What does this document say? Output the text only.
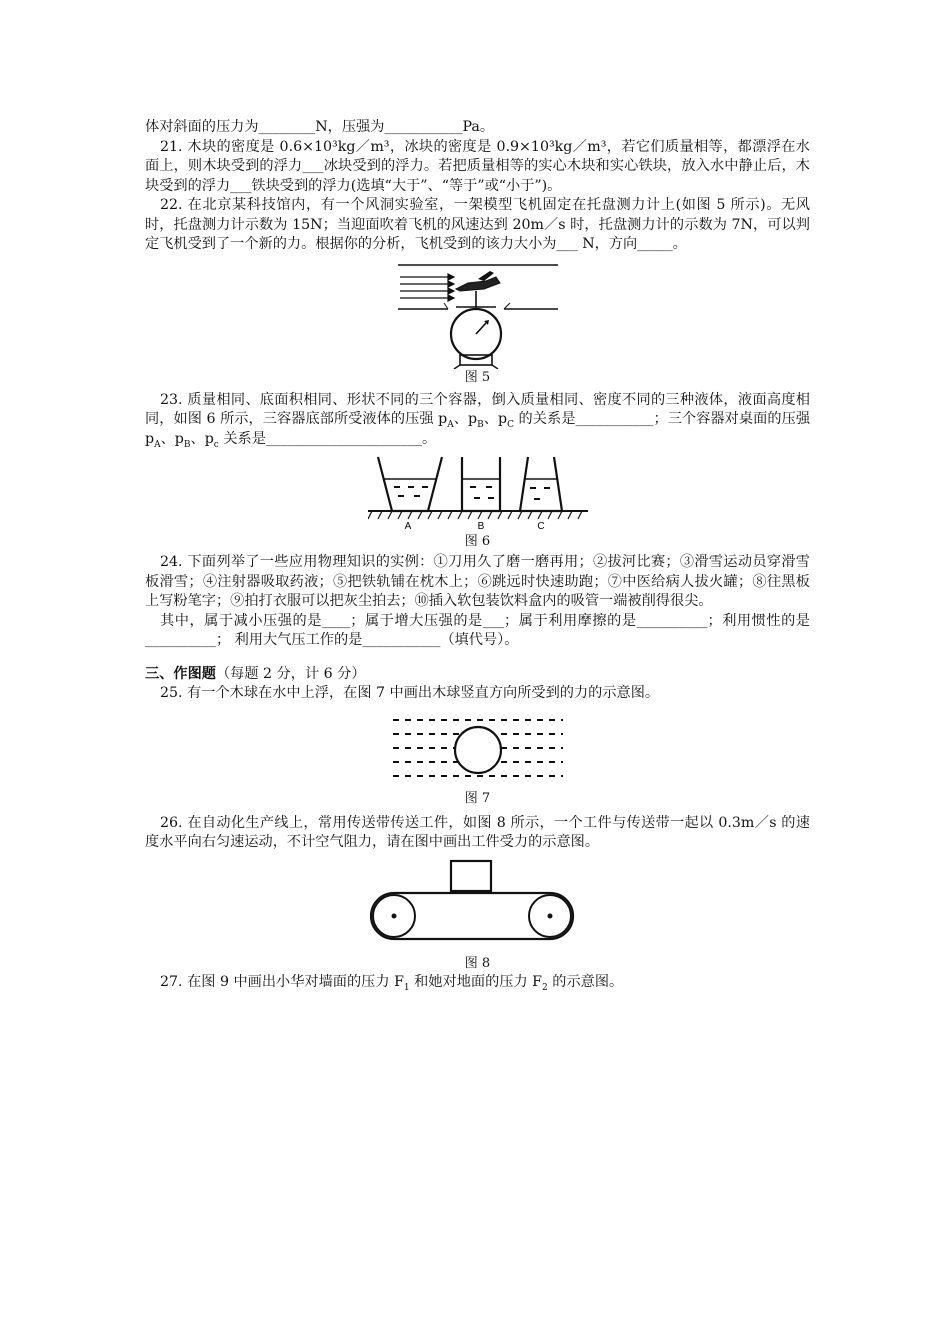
体对斜面的压力为________N，压强为___________Pa。

21. 木块的密度是 0.6×10³kg／m³，冰块的密度是 0.9×10³kg／m³，若它们质量相等，都漂浮在水面上，则木块受到的浮力___冰块受到的浮力。若把质量相等的实心木块和实心铁块，放入水中静止后，木块受到的浮力___铁块受到的浮力(选填“大于”、“等于”或“小于”)。

22. 在北京某科技馆内，有一个风洞实验室，一架模型飞机固定在托盘测力计上(如图 5 所示)。无风时，托盘测力计示数为 15N；当迎面吹着飞机的风速达到 20m／s 时，托盘测力计的示数为 7N，可以判定飞机受到了一个新的力。根据你的分析，飞机受到的该力大小为___ N，方向_____。

图 5

23. 质量相同、底面积相同、形状不同的三个容器，倒入质量相同、密度不同的三种液体，液面高度相同，如图 6 所示，三容器底部所受液体的压强 $p_A$、$p_B$、$p_C$ 的关系是___________；三个容器对桌面的压强 $p_A$、$p_B$、$p_c$ 关系是______________________。

A	B	C

图 6

24. 下面列举了一些应用物理知识的实例：①刀用久了磨一磨再用；②拔河比赛；③滑雪运动员穿滑雪板滑雪；④注射器吸取药液；⑤把铁轨铺在枕木上；⑥跳远时快速助跑；⑦中医给病人拔火罐；⑧往黑板上写粉笔字；⑨拍打衣服可以把灰尘拍去；⑩插入软包装饮料盒内的吸管一端被削得很尖。

其中，属于减小压强的是____；属于增大压强的是___；属于利用摩擦的是__________；利用惯性的是__________； 利用大气压工作的是___________（填代号）。

三、作图题（每题 2 分，计 6 分）

25. 有一个木球在水中上浮，在图 7 中画出木球竖直方向所受到的力的示意图。

图 7

26. 在自动化生产线上，常用传送带传送工件，如图 8 所示，一个工件与传送带一起以 0.3m／s 的速度水平向右匀速运动，不计空气阻力，请在图中画出工件受力的示意图。

图 8

27. 在图 9 中画出小华对墙面的压力 $F_1$ 和她对地面的压力 $F_2$ 的示意图。
